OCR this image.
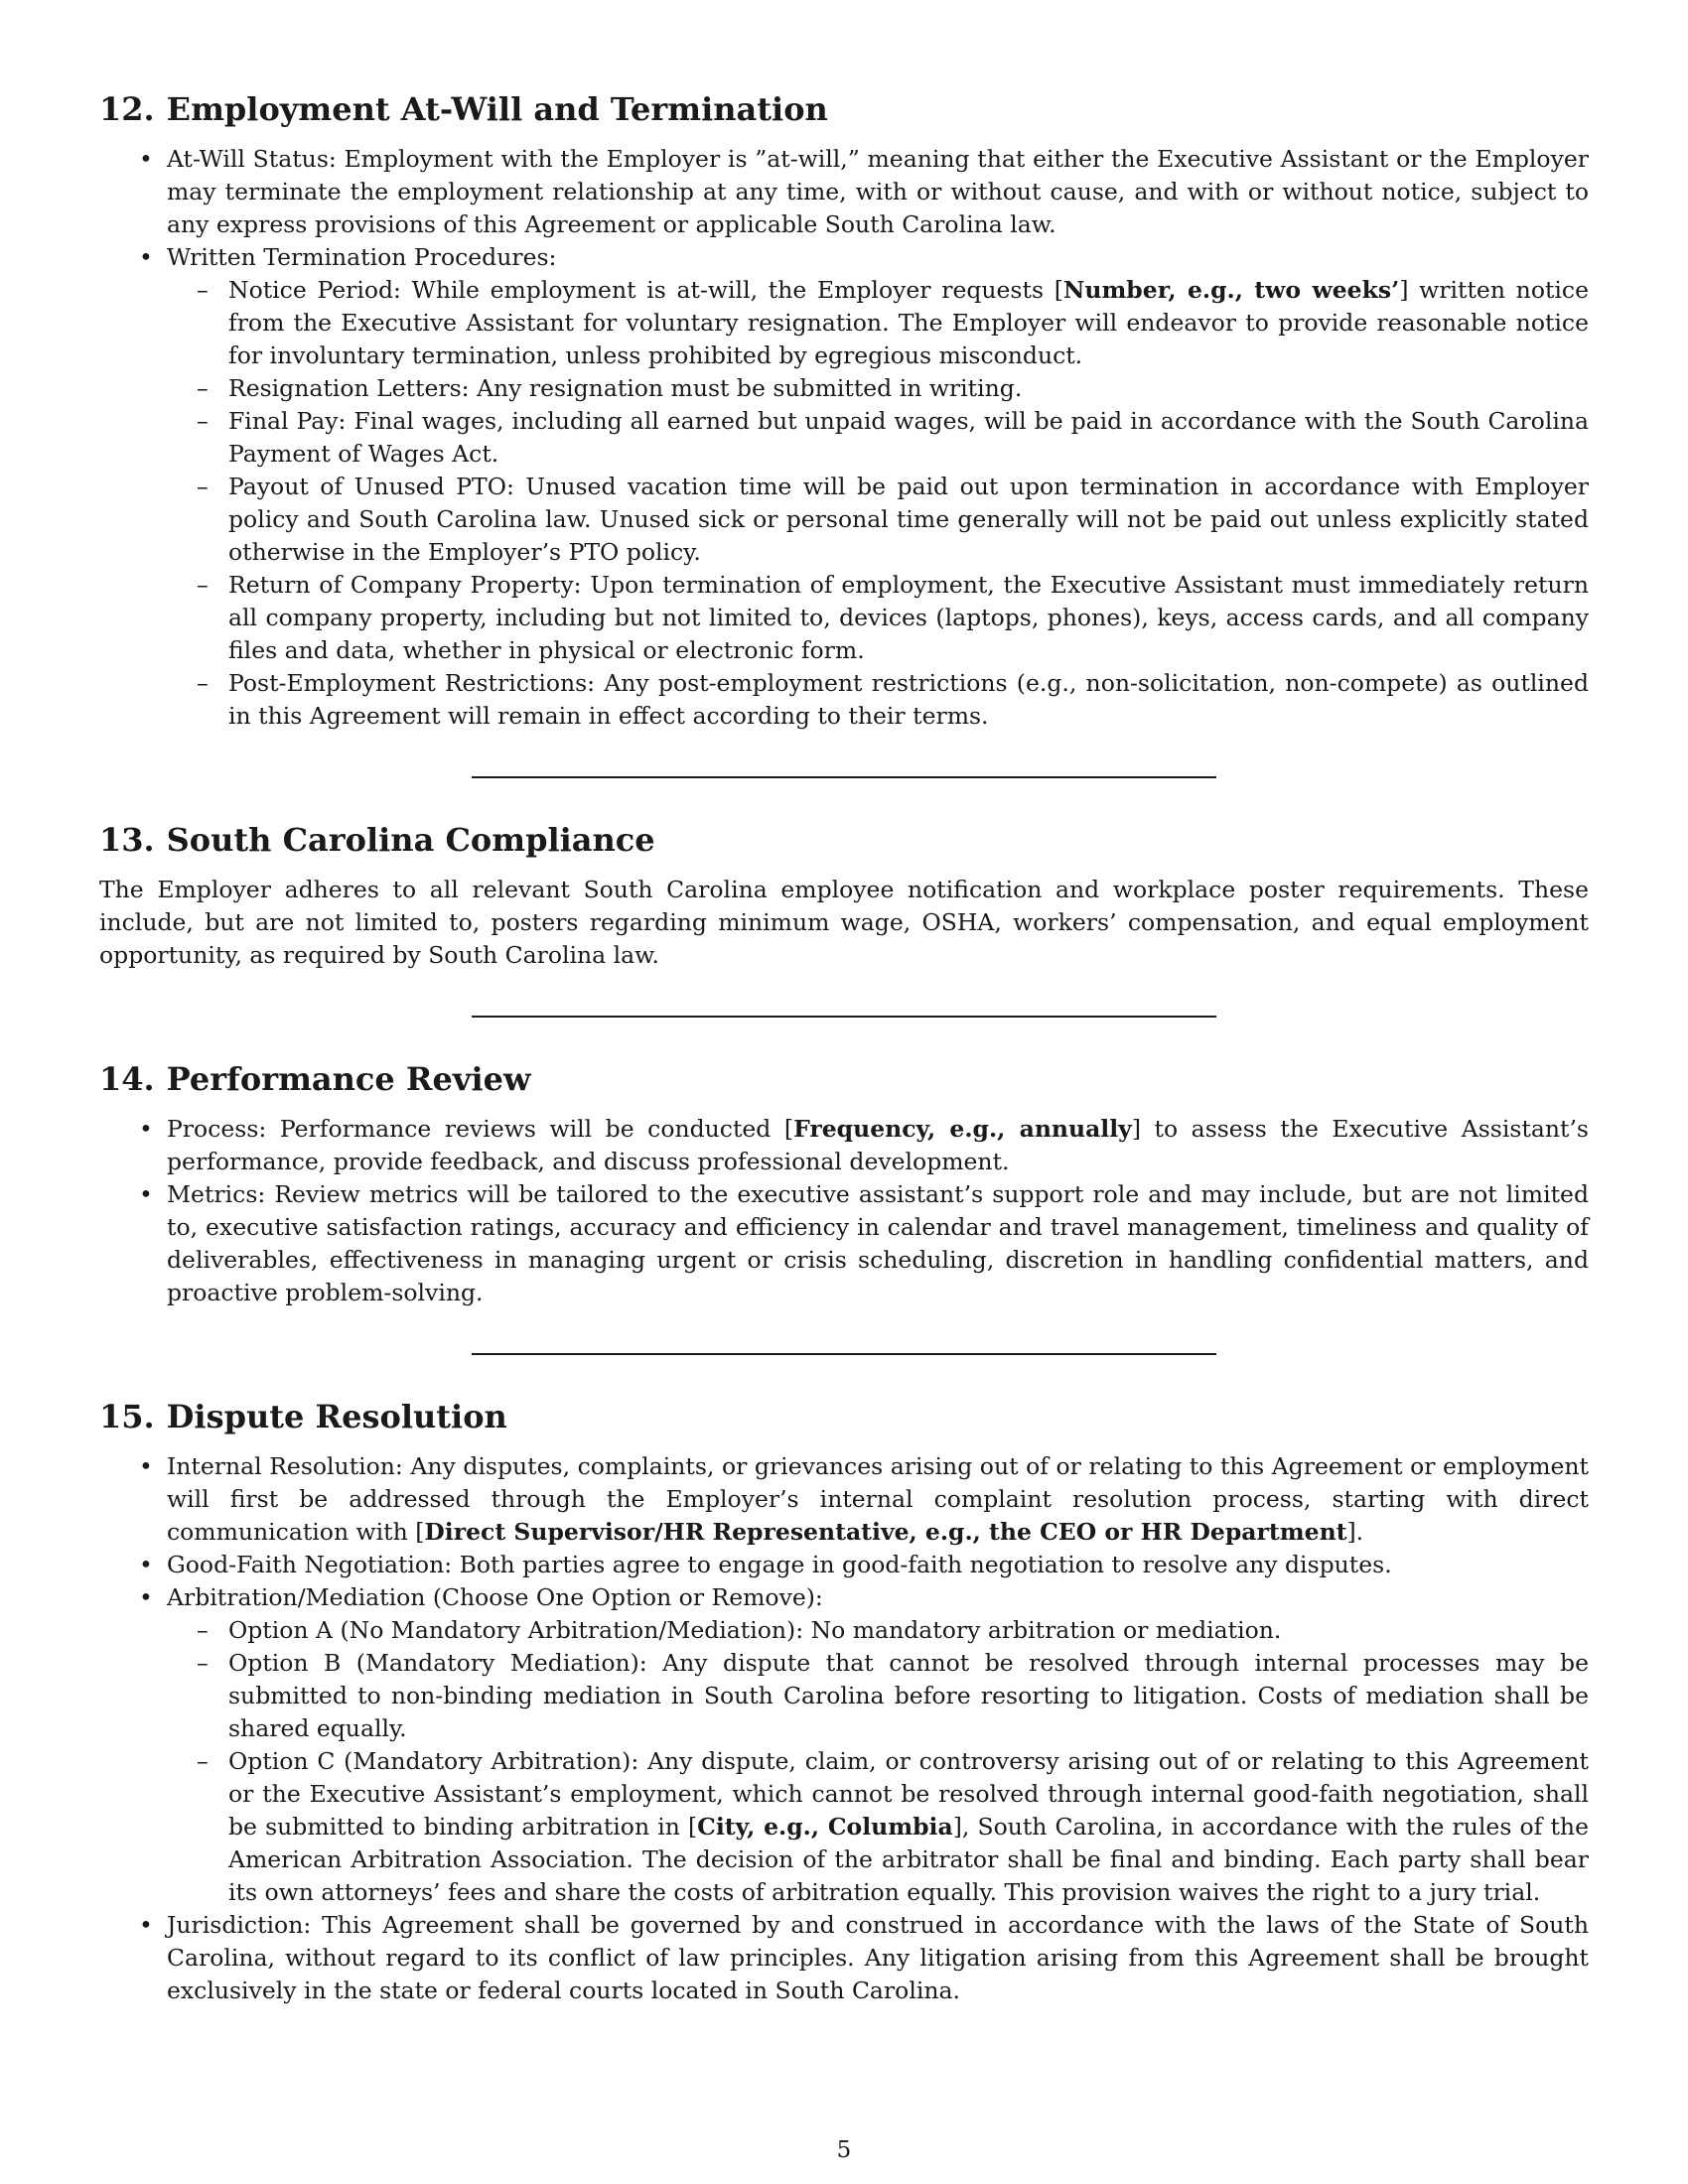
12. Employment At-Will and Termination
• At-Will Status: Employment with the Employer is ”at-will,” meaning that either the Executive Assistant or the Employer may terminate the employment relationship at any time, with or without cause, and with or without notice, subject to any express provisions of this Agreement or applicable South Carolina law.
• Written Termination Procedures:
– Notice Period: While employment is at-will, the Employer requests [Number, e.g., two weeks’] written notice from the Executive Assistant for voluntary resignation. The Employer will endeavor to provide reasonable notice for involuntary termination, unless prohibited by egregious misconduct.
– Resignation Letters: Any resignation must be submitted in writing.
– Final Pay: Final wages, including all earned but unpaid wages, will be paid in accordance with the South Carolina Payment of Wages Act.
– Payout of Unused PTO: Unused vacation time will be paid out upon termination in accordance with Employer policy and South Carolina law. Unused sick or personal time generally will not be paid out unless explicitly stated otherwise in the Employer’s PTO policy.
– Return of Company Property: Upon termination of employment, the Executive Assistant must immediately return all company property, including but not limited to, devices (laptops, phones), keys, access cards, and all company files and data, whether in physical or electronic form.
– Post-Employment Restrictions: Any post-employment restrictions (e.g., non-solicitation, non-compete) as outlined in this Agreement will remain in effect according to their terms.
13. South Carolina Compliance

The Employer adheres to all relevant South Carolina employee notification and workplace poster requirements. These include, but are not limited to, posters regarding minimum wage, OSHA, workers’ compensation, and equal employment opportunity, as required by South Carolina law.

14. Performance Review
• Process: Performance reviews will be conducted [Frequency, e.g., annually] to assess the Executive Assistant’s performance, provide feedback, and discuss professional development.
• Metrics: Review metrics will be tailored to the executive assistant’s support role and may include, but are not limited to, executive satisfaction ratings, accuracy and efficiency in calendar and travel management, timeliness and quality of deliverables, effectiveness in managing urgent or crisis scheduling, discretion in handling confidential matters, and proactive problem-solving.
15. Dispute Resolution
• Internal Resolution: Any disputes, complaints, or grievances arising out of or relating to this Agreement or employment will first be addressed through the Employer’s internal complaint resolution process, starting with direct communication with [Direct Supervisor/HR Representative, e.g., the CEO or HR Department].
• Good-Faith Negotiation: Both parties agree to engage in good-faith negotiation to resolve any disputes.
• Arbitration/Mediation (Choose One Option or Remove):
– Option A (No Mandatory Arbitration/Mediation): No mandatory arbitration or mediation.
– Option B (Mandatory Mediation): Any dispute that cannot be resolved through internal processes may be submitted to non-binding mediation in South Carolina before resorting to litigation. Costs of mediation shall be shared equally.
– Option C (Mandatory Arbitration): Any dispute, claim, or controversy arising out of or relating to this Agreement or the Executive Assistant’s employment, which cannot be resolved through internal good-faith negotiation, shall be submitted to binding arbitration in [City, e.g., Columbia], South Carolina, in accordance with the rules of the American Arbitration Association. The decision of the arbitrator shall be final and binding. Each party shall bear its own attorneys’ fees and share the costs of arbitration equally. This provision waives the right to a jury trial.
• Jurisdiction: This Agreement shall be governed by and construed in accordance with the laws of the State of South Carolina, without regard to its conflict of law principles. Any litigation arising from this Agreement shall be brought exclusively in the state or federal courts located in South Carolina.
5
